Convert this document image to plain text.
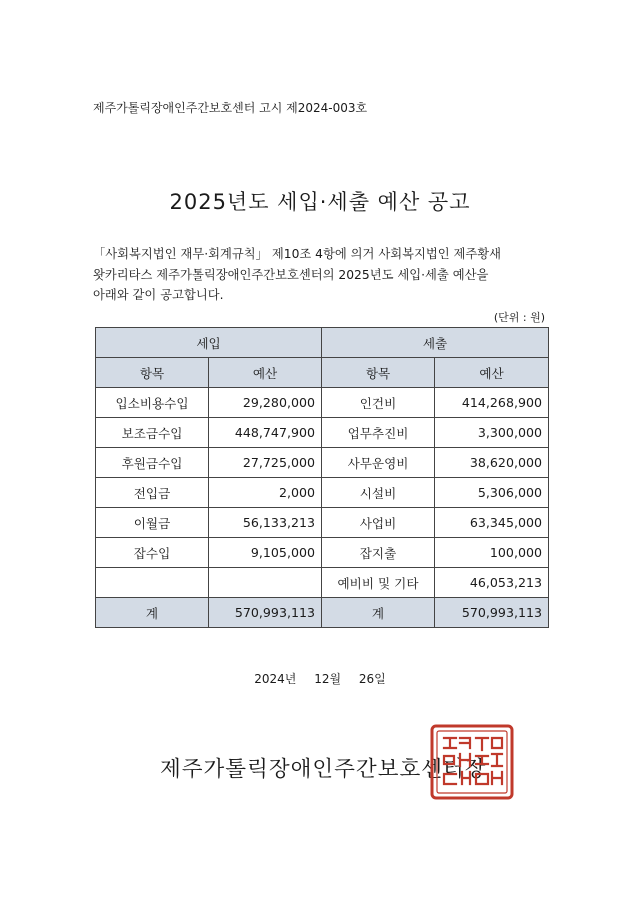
제주가톨릭장애인주간보호센터 고시 제2024-003호
2025년도 세입·세출 예산 공고
「사회복지법인 재무·회계규칙」 제10조 4항에 의거 사회복지법인 제주황새
왓카리타스 제주가톨릭장애인주간보호센터의 2025년도 세입·세출 예산을
아래와 같이 공고합니다.
(단위 : 원)
세입		세출	
항목	예산	항목	예산
입소비용수입	29,280,000	인건비	414,268,900
보조금수입	448,747,900	업무추진비	3,300,000
후원금수입	27,725,000	사무운영비	38,620,000
전입금	2,000	시설비	5,306,000
이월금	56,133,213	사업비	63,345,000
잡수입	9,105,000	잡지출	100,000
		예비비 및 기타	46,053,213
계	570,993,113	계	570,993,113
2024년 12월 26일
제주가톨릭장애인주간보호센터장
